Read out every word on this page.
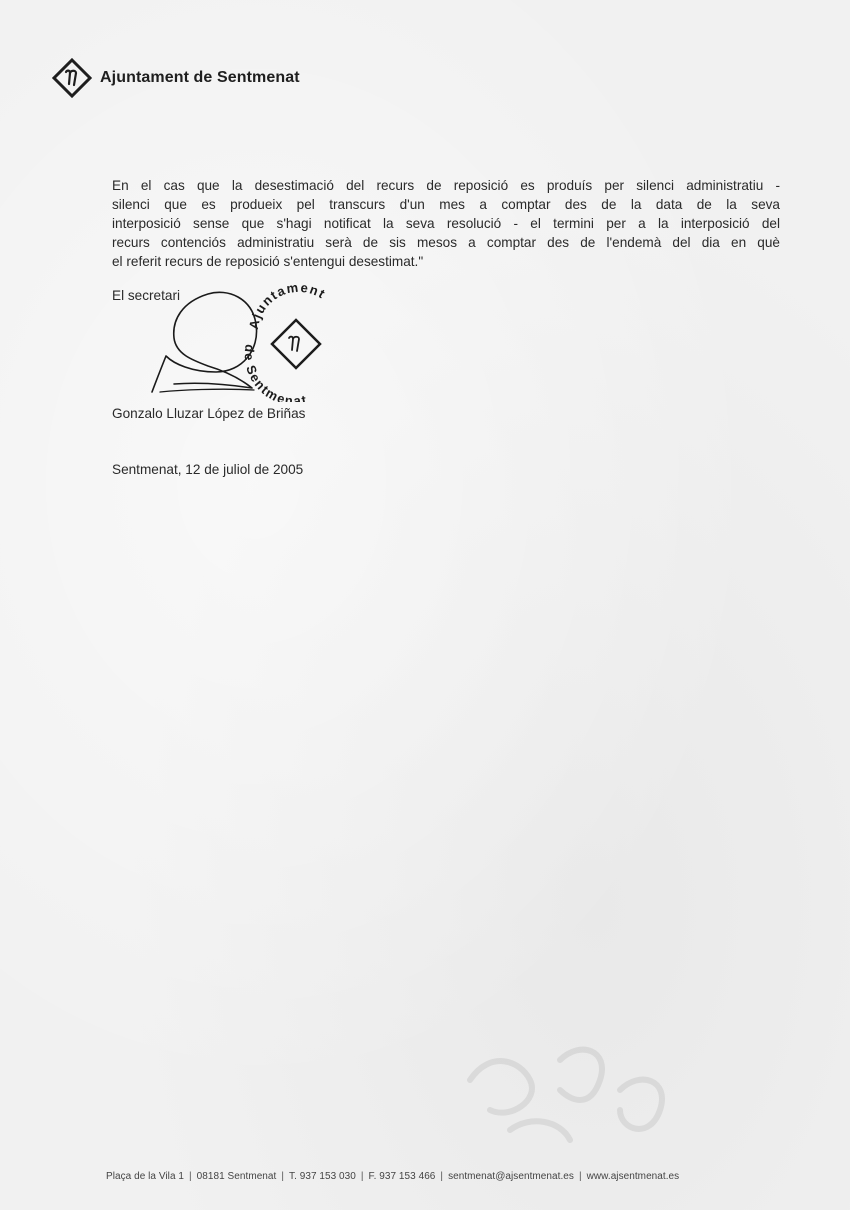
Ajuntament de Sentmenat
En el cas que la desestimació del recurs de reposició es produís per silenci administratiu -
silenci que es produeix pel transcurs d'un mes a comptar des de la data de la seva
interposició sense que s'hagi notificat la seva resolució - el termini per a la interposició del
recurs contenciós administratiu serà de sis mesos a comptar des de l'endemà del dia en què
el referit recurs de reposició s'entengui desestimat."
El secretari
Ajuntament
de Sentmenat
Gonzalo Lluzar López de Briñas
Sentmenat, 12 de juliol de 2005
Plaça de la Vila 1 | 08181 Sentmenat | T. 937 153 030 | F. 937 153 466 | sentmenat@ajsentmenat.es | www.ajsentmenat.es
